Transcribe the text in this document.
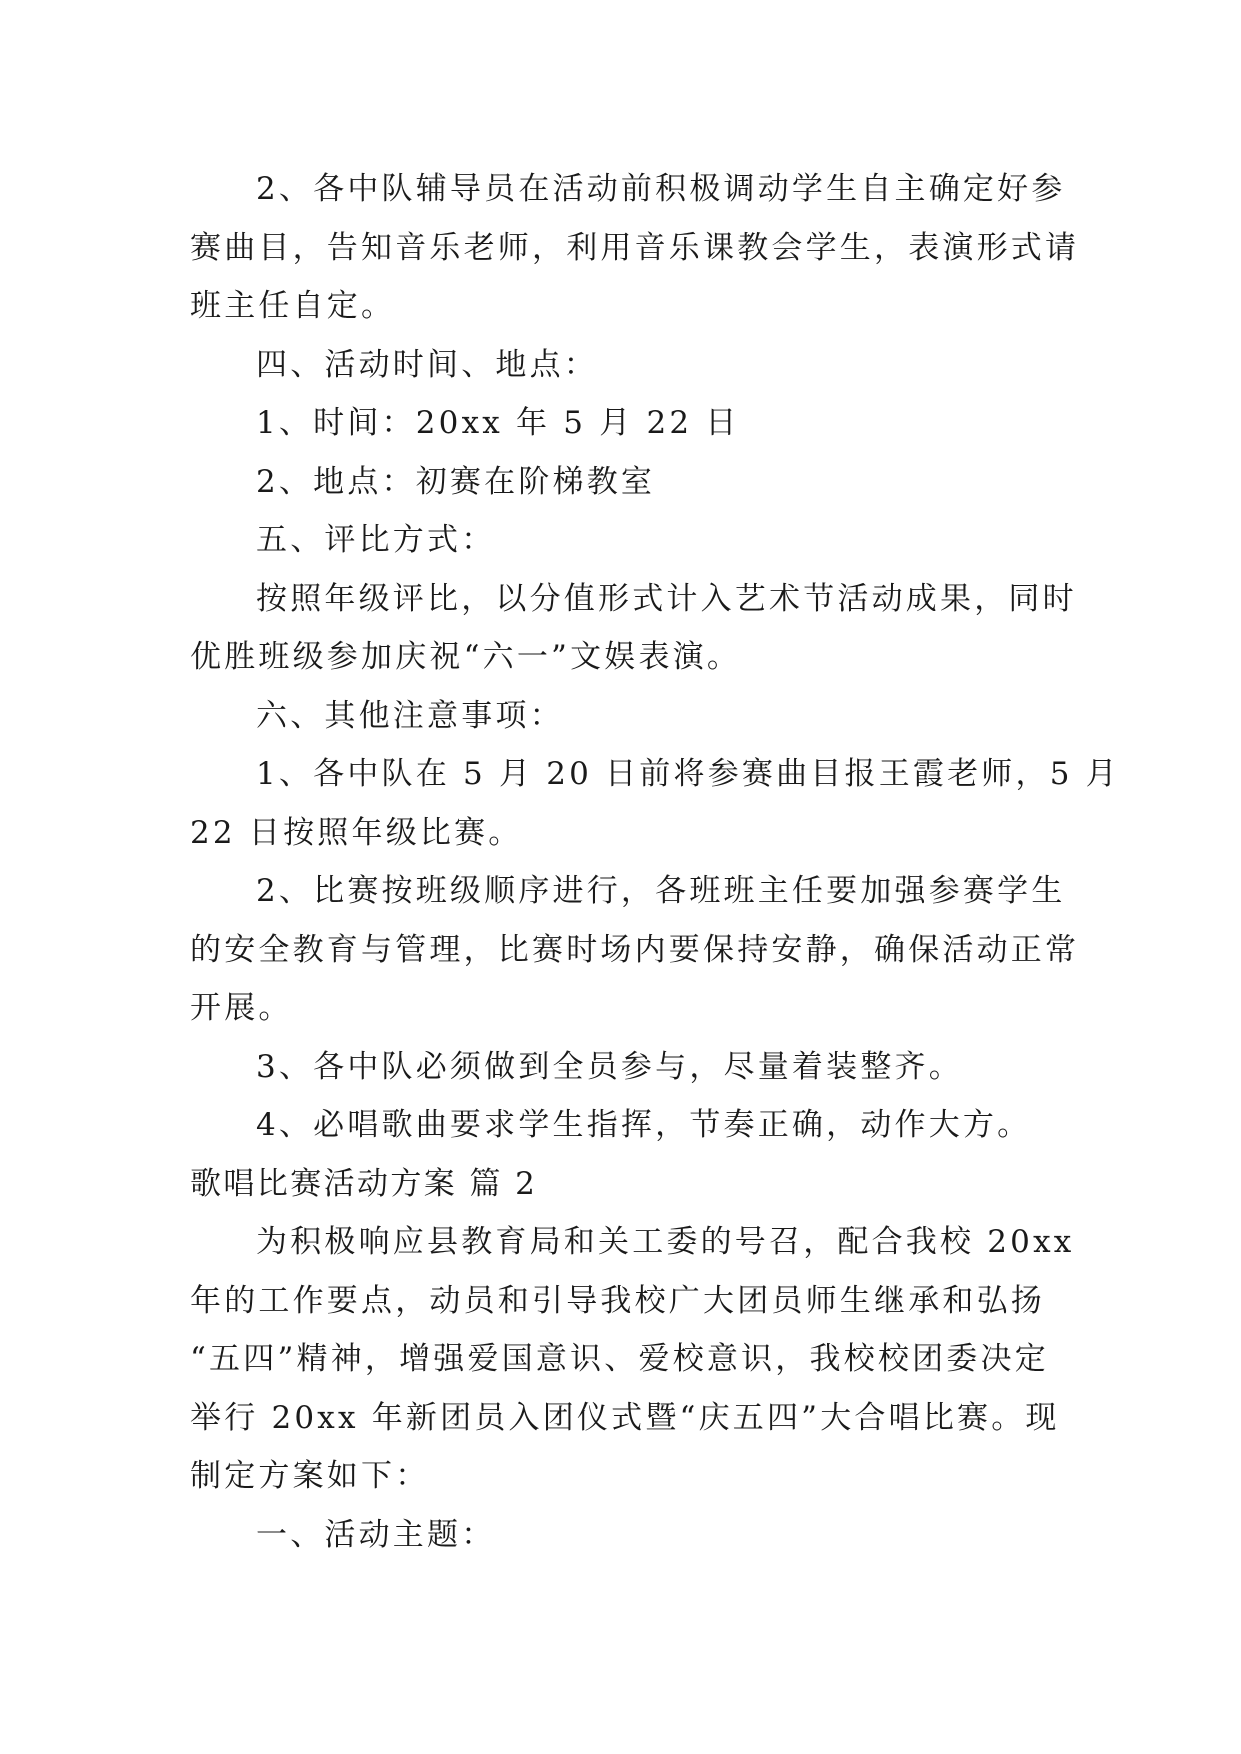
2、各中队辅导员在活动前积极调动学生自主确定好参
赛曲目，告知音乐老师，利用音乐课教会学生，表演形式请
班主任自定。
四、活动时间、地点：
1、时间：20xx 年 5 月 22 日
2、地点：初赛在阶梯教室
五、评比方式：
按照年级评比，以分值形式计入艺术节活动成果，同时
优胜班级参加庆祝“六一”文娱表演。
六、其他注意事项：
1、各中队在 5 月 20 日前将参赛曲目报王霞老师，5 月
22 日按照年级比赛。
2、比赛按班级顺序进行，各班班主任要加强参赛学生
的安全教育与管理，比赛时场内要保持安静，确保活动正常
开展。
3、各中队必须做到全员参与，尽量着装整齐。
4、必唱歌曲要求学生指挥，节奏正确，动作大方。
歌唱比赛活动方案 篇 2
为积极响应县教育局和关工委的号召，配合我校 20xx
年的工作要点，动员和引导我校广大团员师生继承和弘扬
“五四”精神，增强爱国意识、爱校意识，我校校团委决定
举行 20xx 年新团员入团仪式暨“庆五四”大合唱比赛。现
制定方案如下：
一、活动主题：
